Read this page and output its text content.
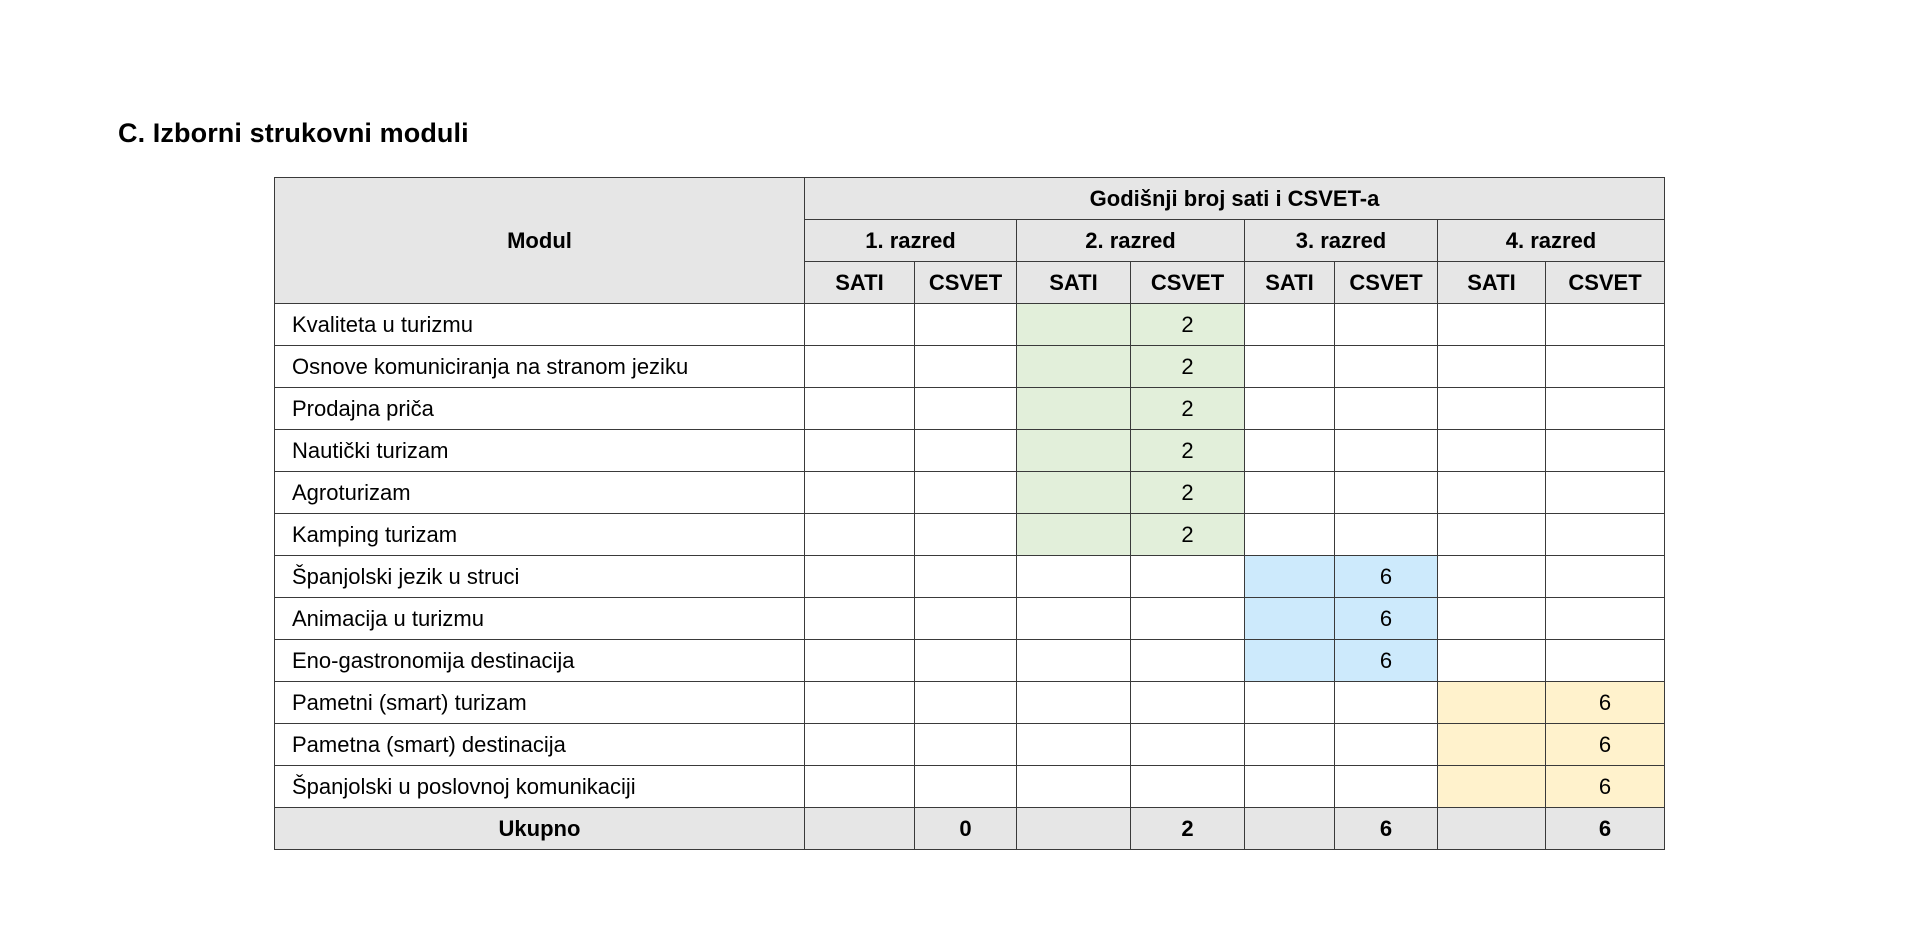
C. Izborni strukovni moduli
Modul	Godišnji broj sati i CSVET-a							
	1. razred		2. razred		3. razred		4. razred	
	SATI	CSVET	SATI	CSVET	SATI	CSVET	SATI	CSVET
Kvaliteta u turizmu				2				
Osnove komuniciranja na stranom jeziku				2				
Prodajna priča				2				
Nautički turizam				2				
Agroturizam				2				
Kamping turizam				2				
Španjolski jezik u struci						6		
Animacija u turizmu						6		
Eno-gastronomija destinacija						6		
Pametni (smart) turizam								6
Pametna (smart) destinacija								6
Španjolski u poslovnoj komunikaciji								6
Ukupno		0		2		6		6
